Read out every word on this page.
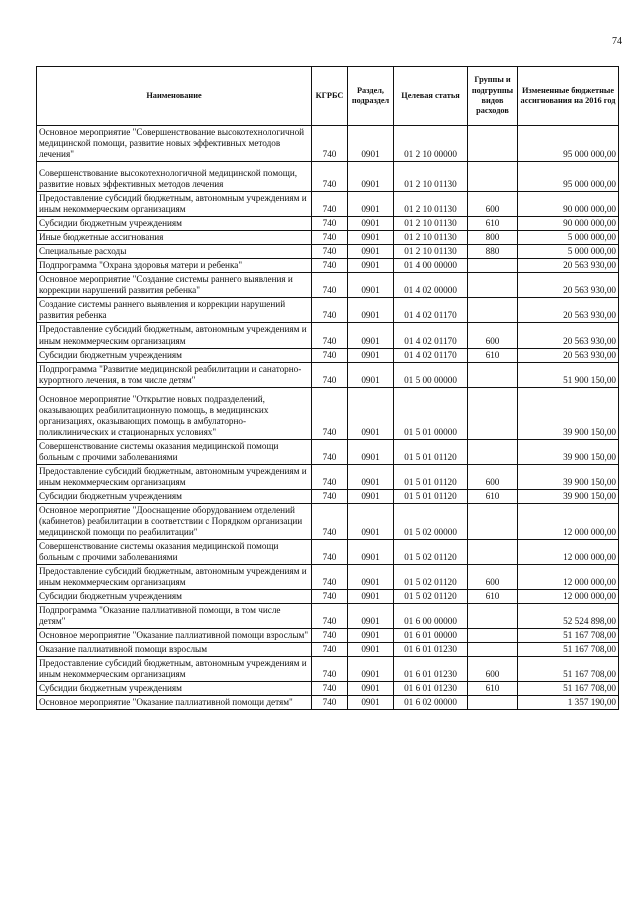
74
Наименование	КГРБС	Раздел, подраздел	Целевая статья	Группы и подгруппы видов расходов	Измененные бюджетные ассигнования на 2016 год
Основное мероприятие "Совершенствование высокотехнологичной медицинской помощи, развитие новых эффективных методов лечения"	740	0901	01 2 10 00000		95 000 000,00
Совершенствование высокотехнологичной медицинской помощи, развитие новых эффективных методов лечения	740	0901	01 2 10 01130		95 000 000,00
Предоставление субсидий бюджетным, автономным учреждениям и иным некоммерческим организациям	740	0901	01 2 10 01130	600	90 000 000,00
Субсидии бюджетным учреждениям	740	0901	01 2 10 01130	610	90 000 000,00
Иные бюджетные ассигнования	740	0901	01 2 10 01130	800	5 000 000,00
Специальные расходы	740	0901	01 2 10 01130	880	5 000 000,00
Подпрограмма "Охрана здоровья матери и ребенка"	740	0901	01 4 00 00000		20 563 930,00
Основное мероприятие "Создание системы раннего выявления и коррекции нарушений развития ребенка"	740	0901	01 4 02 00000		20 563 930,00
Создание системы раннего выявления и коррекции нарушений развития ребенка	740	0901	01 4 02 01170		20 563 930,00
Предоставление субсидий бюджетным, автономным учреждениям и иным некоммерческим организациям	740	0901	01 4 02 01170	600	20 563 930,00
Субсидии бюджетным учреждениям	740	0901	01 4 02 01170	610	20 563 930,00
Подпрограмма "Развитие медицинской реабилитации и санаторно-курортного лечения, в том числе детям"	740	0901	01 5 00 00000		51 900 150,00
Основное мероприятие "Открытие новых подразделений, оказывающих реабилитационную помощь, в медицинских организациях, оказывающих помощь в амбулаторно-поликлинических и стационарных условиях"	740	0901	01 5 01 00000		39 900 150,00
Совершенствование системы оказания медицинской помощи больным с прочими заболеваниями	740	0901	01 5 01 01120		39 900 150,00
Предоставление субсидий бюджетным, автономным учреждениям и иным некоммерческим организациям	740	0901	01 5 01 01120	600	39 900 150,00
Субсидии бюджетным учреждениям	740	0901	01 5 01 01120	610	39 900 150,00
Основное мероприятие "Дооснащение оборудованием отделений (кабинетов) реабилитации в соответствии с Порядком организации медицинской помощи по реабилитации"	740	0901	01 5 02 00000		12 000 000,00
Совершенствование системы оказания медицинской помощи больным с прочими заболеваниями	740	0901	01 5 02 01120		12 000 000,00
Предоставление субсидий бюджетным, автономным учреждениям и иным некоммерческим организациям	740	0901	01 5 02 01120	600	12 000 000,00
Субсидии бюджетным учреждениям	740	0901	01 5 02 01120	610	12 000 000,00
Подпрограмма "Оказание паллиативной помощи, в том числе детям"	740	0901	01 6 00 00000		52 524 898,00
Основное мероприятие "Оказание паллиативной помощи взрослым"	740	0901	01 6 01 00000		51 167 708,00
Оказание паллиативной помощи взрослым	740	0901	01 6 01 01230		51 167 708,00
Предоставление субсидий бюджетным, автономным учреждениям и иным некоммерческим организациям	740	0901	01 6 01 01230	600	51 167 708,00
Субсидии бюджетным учреждениям	740	0901	01 6 01 01230	610	51 167 708,00
Основное мероприятие "Оказание паллиативной помощи детям"	740	0901	01 6 02 00000		1 357 190,00
